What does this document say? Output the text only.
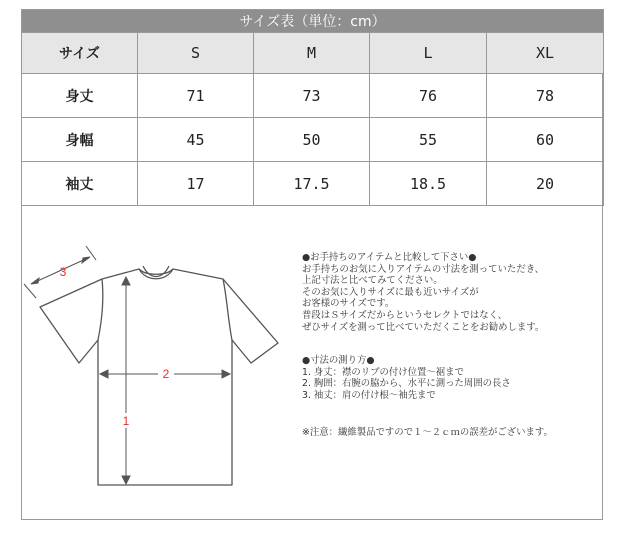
サイズ表（単位：cm）				
サイズ	S	M	L	XL
身丈	71	73	76	78
身幅	45	50	55	60
袖丈	17	17.5	18.5	20
3
2
1
●お手持ちのアイテムと比較して下さい●
お手持ちのお気に入りアイテムの寸法を測っていただき、
上記寸法と比べてみてください。
そのお気に入りサイズに最も近いサイズが
お客様のサイズです。
普段はＳサイズだからというセレクトではなく、
ぜひサイズを測って比べていただくことをお勧めします。
●寸法の測り方●
1. 身丈：襟のリブの付け位置～裾まで
2. 胸囲：右腕の脇から、水平に測った周囲の長さ
3. 袖丈：肩の付け根～袖先まで
※注意：繊維製品ですので１～２ｃｍの誤差がございます。
